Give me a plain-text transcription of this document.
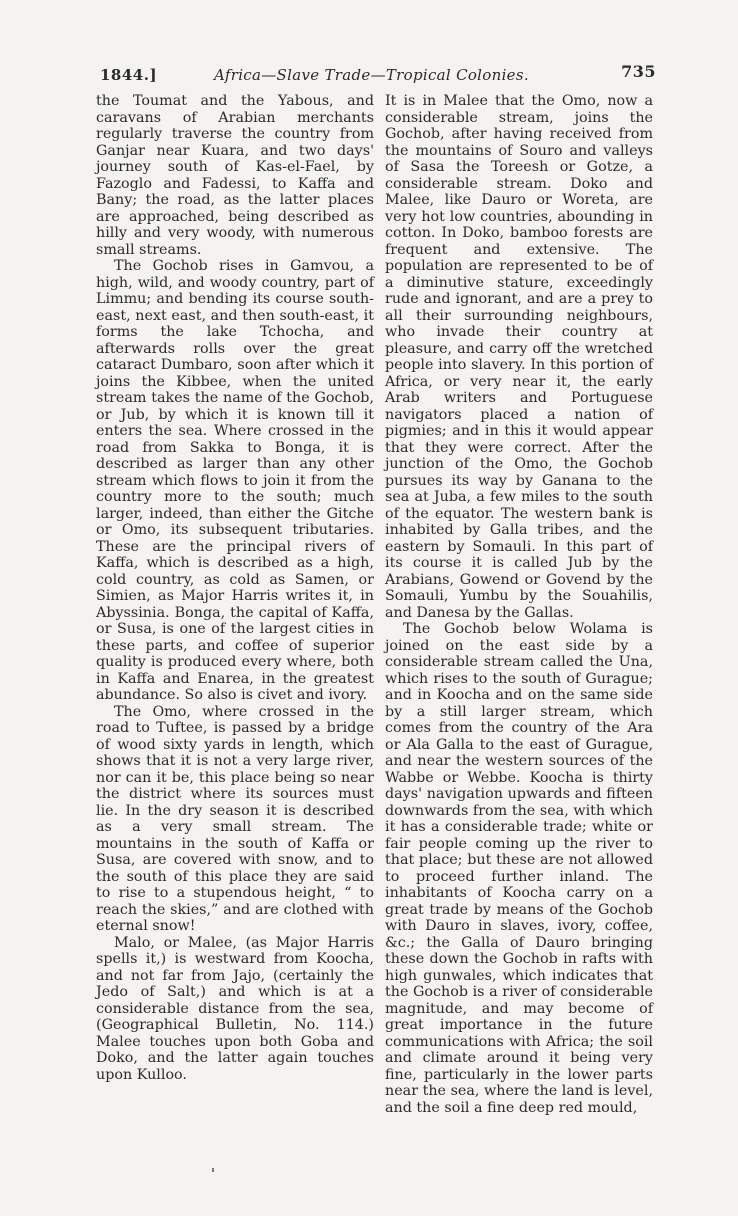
1844.]	Africa—Slave Trade—Tropical Colonies.	735

the Toumat and the Yabous, and caravans of Arabian merchants regularly traverse the country from Ganjar near Kuara, and two days' journey south of Kas-el-Fael, by Fazoglo and Fadessi, to Kaffa and Bany; the road, as the latter places are approached, being described as hilly and very woody, with numerous small streams.

The Gochob rises in Gamvou, a high, wild, and woody country, part of Limmu; and bending its course south-east, next east, and then south-east, it forms the lake Tchocha, and afterwards rolls over the great cataract Dumbaro, soon after which it joins the Kibbee, when the united stream takes the name of the Gochob, or Jub, by which it is known till it enters the sea. Where crossed in the road from Sakka to Bonga, it is described as larger than any other stream which flows to join it from the country more to the south; much larger, indeed, than either the Gitche or Omo, its subsequent tributaries. These are the principal rivers of Kaffa, which is described as a high, cold country, as cold as Samen, or Simien, as Major Harris writes it, in Abyssinia. Bonga, the capital of Kaffa, or Susa, is one of the largest cities in these parts, and coffee of superior quality is produced every where, both in Kaffa and Enarea, in the greatest abundance. So also is civet and ivory.

The Omo, where crossed in the road to Tuftee, is passed by a bridge of wood sixty yards in length, which shows that it is not a very large river, nor can it be, this place being so near the district where its sources must lie. In the dry season it is described as a very small stream. The mountains in the south of Kaffa or Susa, are covered with snow, and to the south of this place they are said to rise to a stupendous height, “ to reach the skies,” and are clothed with eternal snow!

Malo, or Malee, (as Major Harris spells it,) is westward from Koocha, and not far from Jajo, (certainly the Jedo of Salt,) and which is at a considerable distance from the sea, (Geographical Bulletin, No. 114.) Malee touches upon both Goba and Doko, and the latter again touches upon Kulloo.

It is in Malee that the Omo, now a considerable stream, joins the Gochob, after having received from the mountains of Souro and valleys of Sasa the Toreesh or Gotze, a considerable stream. Doko and Malee, like Dauro or Woreta, are very hot low countries, abounding in cotton. In Doko, bamboo forests are frequent and extensive. The population are represented to be of a diminutive stature, exceedingly rude and ignorant, and are a prey to all their surrounding neighbours, who invade their country at pleasure, and carry off the wretched people into slavery. In this portion of Africa, or very near it, the early Arab writers and Portuguese navigators placed a nation of pigmies; and in this it would appear that they were correct. After the junction of the Omo, the Gochob pursues its way by Ganana to the sea at Juba, a few miles to the south of the equator. The western bank is inhabited by Galla tribes, and the eastern by Somauli. In this part of its course it is called Jub by the Arabians, Gowend or Govend by the Somauli, Yumbu by the Souahilis, and Danesa by the Gallas.

The Gochob below Wolama is joined on the east side by a considerable stream called the Una, which rises to the south of Gurague; and in Koocha and on the same side by a still larger stream, which comes from the country of the Ara or Ala Galla to the east of Gurague, and near the western sources of the Wabbe or Webbe. Koocha is thirty days' navigation upwards and fifteen downwards from the sea, with which it has a considerable trade; white or fair people coming up the river to that place; but these are not allowed to proceed further inland. The inhabitants of Koocha carry on a great trade by means of the Gochob with Dauro in slaves, ivory, coffee, &c.; the Galla of Dauro bringing these down the Gochob in rafts with high gunwales, which indicates that the Gochob is a river of considerable magnitude, and may become of great importance in the future communications with Africa; the soil and climate around it being very fine, particularly in the lower parts near the sea, where the land is level, and the soil a fine deep red mould,
